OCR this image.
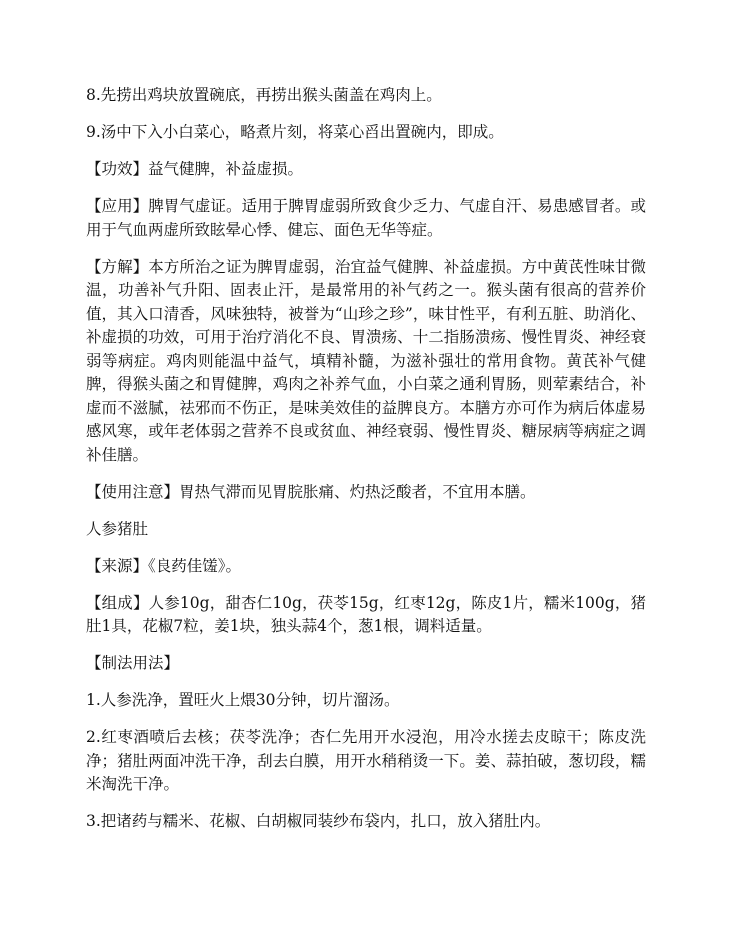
8.先捞出鸡块放置碗底，再捞出猴头菌盖在鸡肉上。

9.汤中下入小白菜心，略煮片刻，将菜心舀出置碗内，即成。

【功效】益气健脾，补益虚损。

【应用】脾胃气虚证。适用于脾胃虚弱所致食少乏力、气虚自汗、易患感冒者。或用于气血两虚所致眩晕心悸、健忘、面色无华等症。

【方解】本方所治之证为脾胃虚弱，治宜益气健脾、补益虚损。方中黄芪性味甘微温，功善补气升阳、固表止汗，是最常用的补气药之一。猴头菌有很高的营养价值，其入口清香，风味独特，被誉为“山珍之珍”，味甘性平，有利五脏、助消化、补虚损的功效，可用于治疗消化不良、胃溃疡、十二指肠溃疡、慢性胃炎、神经衰弱等病症。鸡肉则能温中益气，填精补髓，为滋补强壮的常用食物。黄芪补气健脾，得猴头菌之和胃健脾，鸡肉之补养气血，小白菜之通利胃肠，则荤素结合，补虚而不滋腻，祛邪而不伤正，是味美效佳的益脾良方。本膳方亦可作为病后体虚易感风寒，或年老体弱之营养不良或贫血、神经衰弱、慢性胃炎、糖尿病等病症之调补佳膳。

【使用注意】胃热气滞而见胃脘胀痛、灼热泛酸者，不宜用本膳。

人参猪肚

【来源】《良药佳馐》。

【组成】人参10g，甜杏仁10g，茯苓15g，红枣12g，陈皮1片，糯米100g，猪肚1具，花椒7粒，姜1块，独头蒜4个，葱1根，调料适量。

【制法用法】

1.人参洗净，置旺火上煨30分钟，切片溜汤。

2.红枣酒喷后去核；茯苓洗净；杏仁先用开水浸泡，用冷水搓去皮晾干；陈皮洗净；猪肚两面冲洗干净，刮去白膜，用开水稍稍烫一下。姜、蒜拍破，葱切段，糯米淘洗干净。

3.把诸药与糯米、花椒、白胡椒同装纱布袋内，扎口，放入猪肚内。
